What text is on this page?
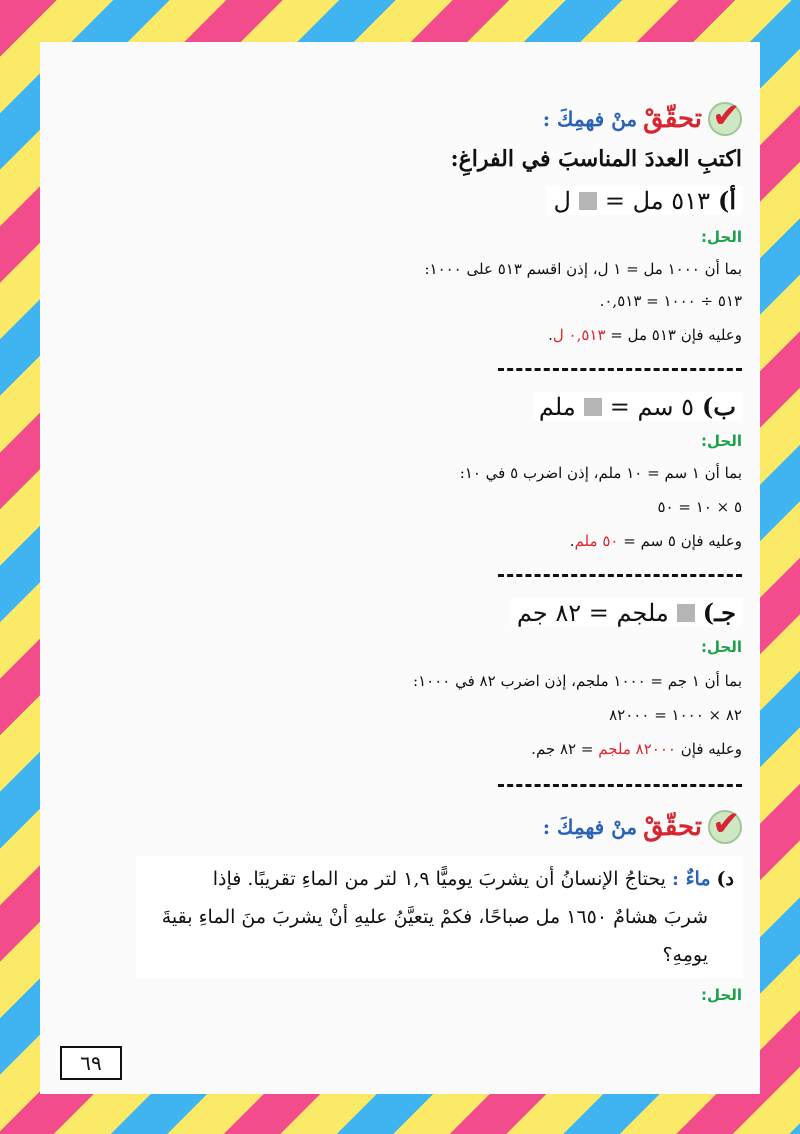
✔
تحقّقْ
منْ فهمِكَ :
اكتبِ العددَ المناسبَ في الفراغِ:
أ)
٥١٣ مل =
ل
الحل:
بما أن ١٠٠٠ مل = ١ ل، إذن اقسم ٥١٣ على ١٠٠٠:
٥١٣ ÷ ١٠٠٠ = ٠,٥١٣.
وعليه فإن ٥١٣ مل = ٠,٥١٣ ل.
ب)
٥ سم =
ملم
الحل:
بما أن ١ سم = ١٠ ملم، إذن اضرب ٥ في ١٠:
٥ × ١٠ = ٥٠
وعليه فإن ٥ سم = ٥٠ ملم.
جـ)
ملجم = ٨٢ جم
الحل:
بما أن ١ جم = ١٠٠٠ ملجم، إذن اضرب ٨٢ في ١٠٠٠:
٨٢ × ١٠٠٠ = ٨٢٠٠٠
وعليه فإن ٨٢٠٠٠ ملجم = ٨٢ جم.
✔
تحقّقْ
منْ فهمِكَ :
د) ماءٌ : يحتاجُ الإنسانُ أن يشربَ يوميًّا ١,٩ لتر من الماءِ تقريبًا. فإذا
شربَ هشامٌ ١٦٥٠ مل صباحًا، فكمْ يتعيَّنُ عليهِ أنْ يشربَ منَ الماءِ بقيةَ
يومِهِ؟
الحل:
٦٩
